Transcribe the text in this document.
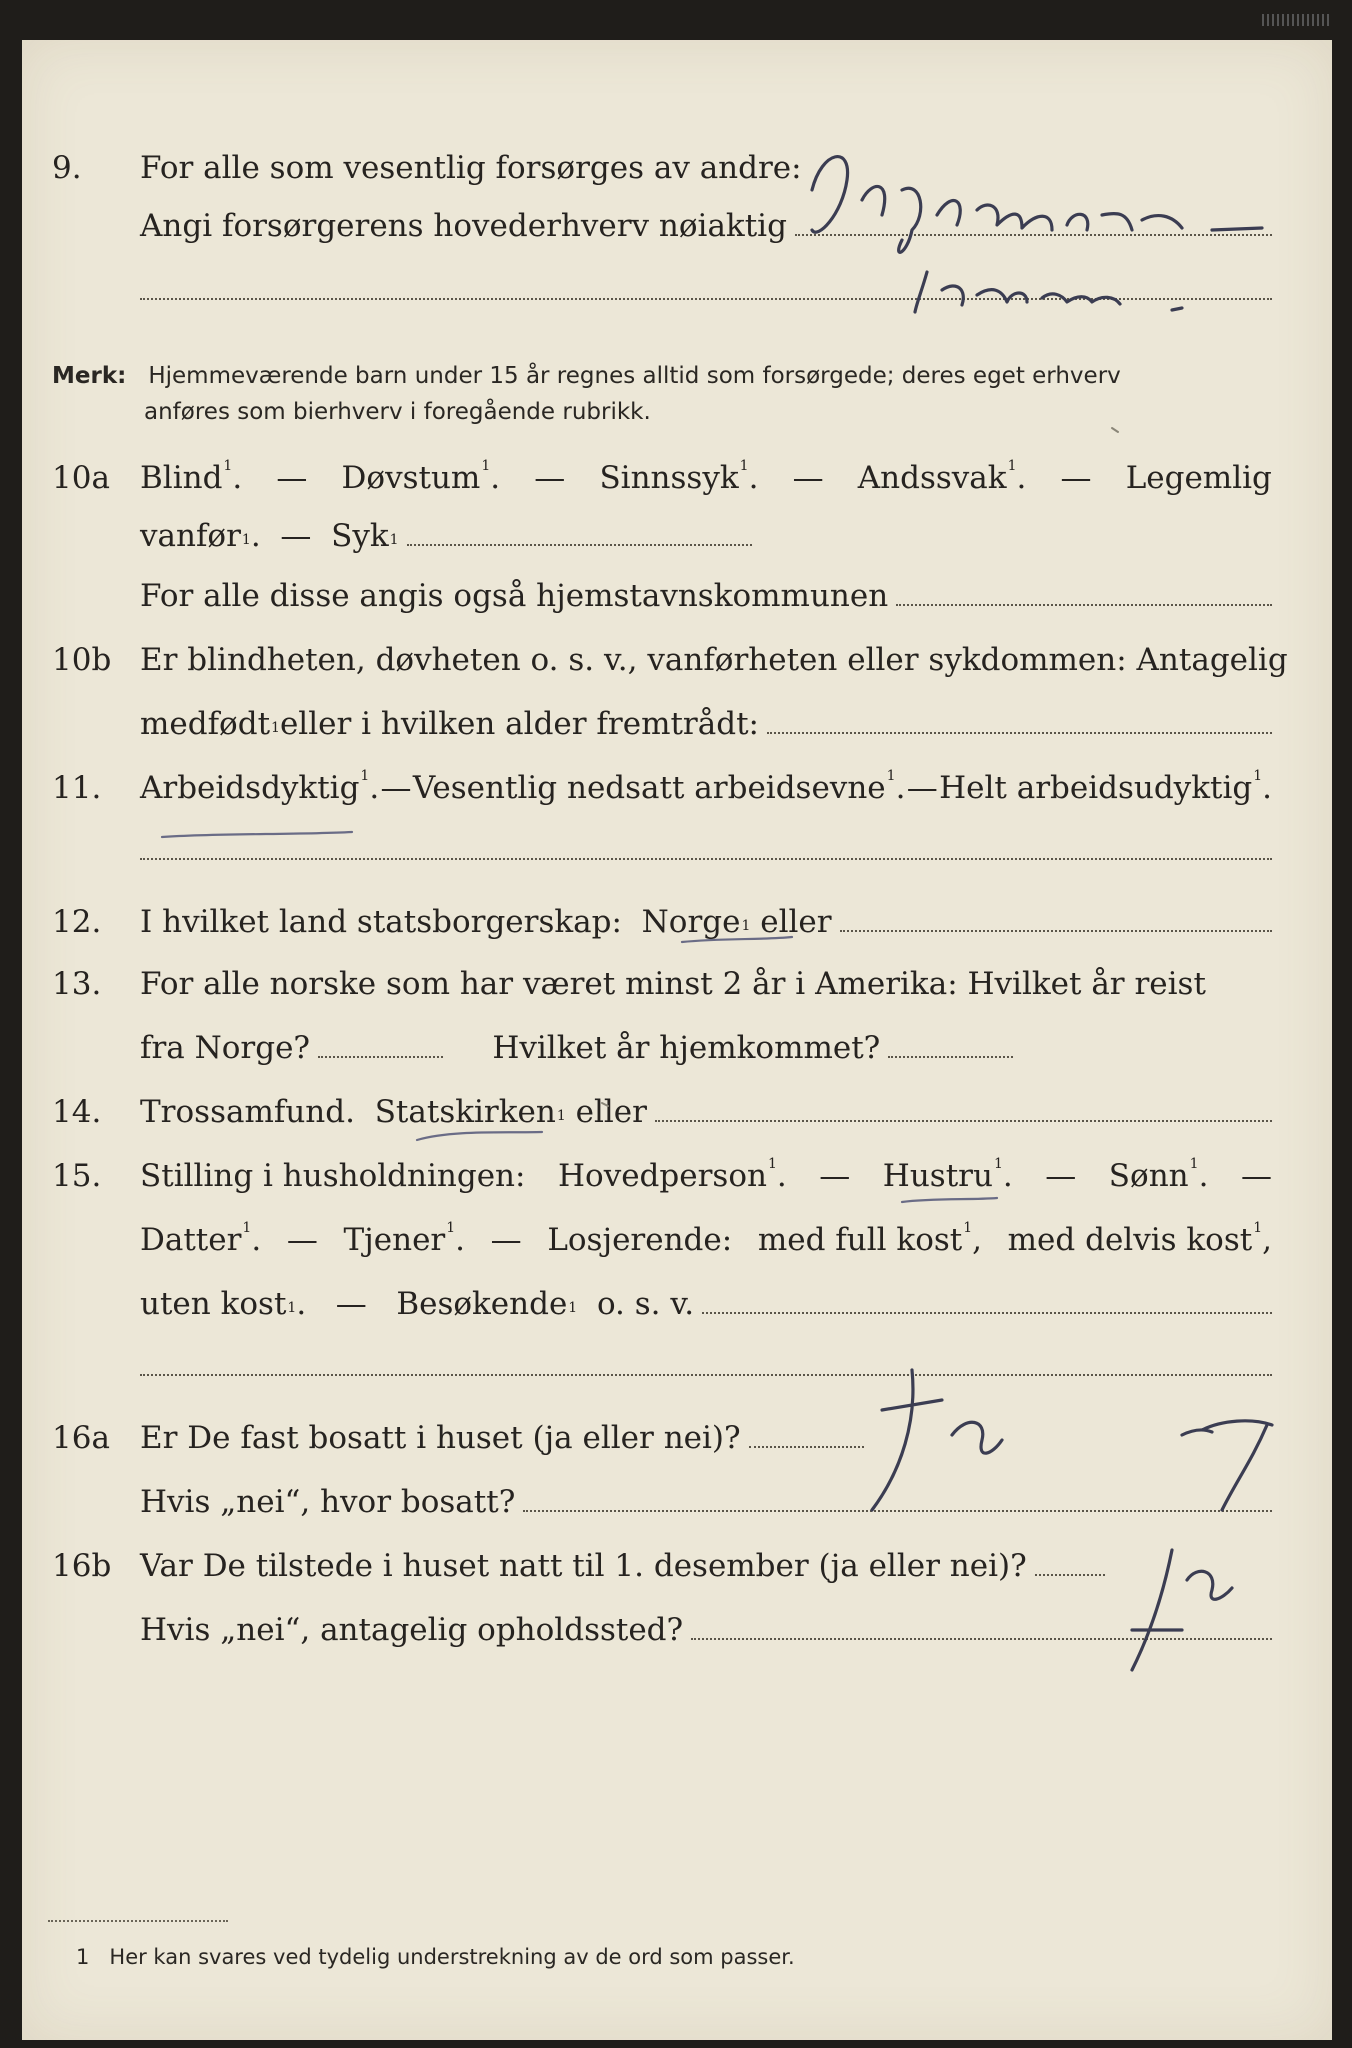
9. For alle som vesentlig forsørges av andre:
Angi forsørgerens hovederhverv nøiaktig
Merk: Hjemmeværende barn under 15 år regnes alltid som forsørgede; deres eget erhverv
anføres som bierhverv i foregående rubrikk.
10a Blind$^1$. — Døvstum$^1$. — Sinnssyk$^1$. — Andssvak$^1$. — Legemlig
vanfør$^1$ . —
Syk$^1$
For alle disse angis også hjemstavnskommunen
10b Er blindheten, døvheten o. s. v., vanførheten eller sykdommen: Antagelig
medfødt$^1$ eller i hvilken alder fremtrådt:
11. Arbeidsdyktig$^1$. — Vesentlig nedsatt arbeidsevne$^1$. — Helt arbeidsudyktig$^1$.
12. I hvilket land statsborgerskap:
Norge$^1$
eller
13. For alle norske som har været minst 2 år i Amerika: Hvilket år reist
fra Norge?
	Hvilket år hjemkommet?
14. Trossamfund.
Statskirken$^1$
eller
15. Stilling i husholdningen: Hovedperson$^1$. — Hustru$^1$. — Sønn$^1$. —
Datter$^1$. — Tjener$^1$. — Losjerende: med full kost$^1$, med delvis kost$^1$,
uten kost$^1$ . —
Besøkende$^1$
o. s. v.
16a Er De fast bosatt i huset (ja eller nei)?
Hvis „nei“, hvor bosatt?
16b Var De tilstede i huset natt til 1. desember (ja eller nei)?
Hvis „nei“, antagelig opholdssted?
1 Her kan svares ved tydelig understrekning av de ord som passer.
